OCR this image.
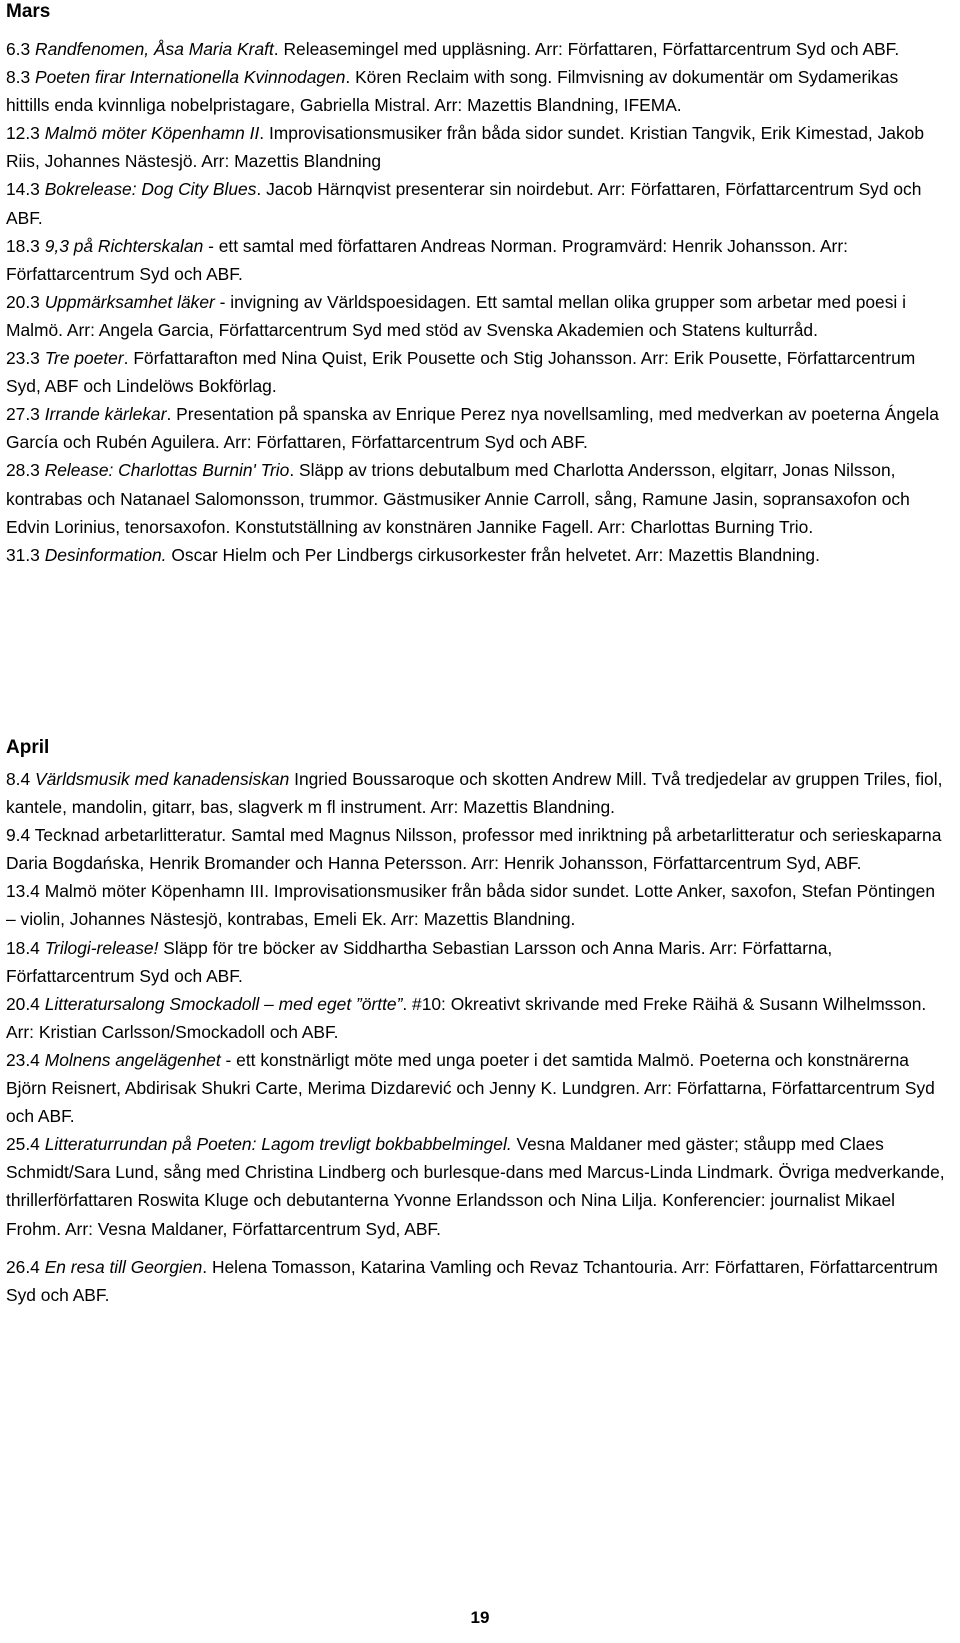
Mars

6.3 Randfenomen, Åsa Maria Kraft. Releasemingel med uppläsning. Arr: Författaren, Författarcentrum Syd och ABF.

8.3 Poeten firar Internationella Kvinnodagen. Kören Reclaim with song. Filmvisning av dokumentär om Sydamerikas hittills enda kvinnliga nobelpristagare, Gabriella Mistral. Arr: Mazettis Blandning, IFEMA.

12.3 Malmö möter Köpenhamn II. Improvisationsmusiker från båda sidor sundet. Kristian Tangvik, Erik Kimestad, Jakob Riis, Johannes Nästesjö. Arr: Mazettis Blandning

14.3 Bokrelease: Dog City Blues. Jacob Härnqvist presenterar sin noirdebut. Arr: Författaren, Författarcentrum Syd och ABF.

18.3 9,3 på Richterskalan - ett samtal med författaren Andreas Norman. Programvärd: Henrik Johansson. Arr: Författarcentrum Syd och ABF.

20.3 Uppmärksamhet läker - invigning av Världspoesidagen. Ett samtal mellan olika grupper som arbetar med poesi i Malmö. Arr: Angela Garcia, Författarcentrum Syd med stöd av Svenska Akademien och Statens kulturråd.

23.3 Tre poeter. Författarafton med Nina Quist, Erik Pousette och Stig Johansson. Arr: Erik Pousette, Författarcentrum Syd, ABF och Lindelöws Bokförlag.

27.3 Irrande kärlekar. Presentation på spanska av Enrique Perez nya novellsamling, med medverkan av poeterna Ángela García och Rubén Aguilera. Arr: Författaren, Författarcentrum Syd och ABF.

28.3 Release: Charlottas Burnin' Trio. Släpp av trions debutalbum med Charlotta Andersson, elgitarr, Jonas Nilsson, kontrabas och Natanael Salomonsson, trummor. Gästmusiker Annie Carroll, sång, Ramune Jasin, sopransaxofon och Edvin Lorinius, tenorsaxofon. Konstutställning av konstnären Jannike Fagell. Arr: Charlottas Burning Trio.

31.3 Desinformation. Oscar Hielm och Per Lindbergs cirkusorkester från helvetet. Arr: Mazettis Blandning.

April

8.4 Världsmusik med kanadensiskan Ingried Boussaroque och skotten Andrew Mill. Två tredjedelar av gruppen Triles, fiol, kantele, mandolin, gitarr, bas, slagverk m fl instrument. Arr: Mazettis Blandning.

9.4 Tecknad arbetarlitteratur. Samtal med Magnus Nilsson, professor med inriktning på arbetarlitteratur och serieskaparna Daria Bogdańska, Henrik Bromander och Hanna Petersson. Arr: Henrik Johansson, Författarcentrum Syd, ABF.

13.4 Malmö möter Köpenhamn III. Improvisationsmusiker från båda sidor sundet. Lotte Anker, saxofon, Stefan Pöntingen – violin, Johannes Nästesjö, kontrabas, Emeli Ek. Arr: Mazettis Blandning.

18.4 Trilogi-release! Släpp för tre böcker av Siddhartha Sebastian Larsson och Anna Maris. Arr: Författarna, Författarcentrum Syd och ABF.

20.4 Litteratursalong Smockadoll – med eget ”örtte”. #10: Okreativt skrivande med Freke Räihä & Susann Wilhelmsson. Arr: Kristian Carlsson/Smockadoll och ABF.

23.4 Molnens angelägenhet - ett konstnärligt möte med unga poeter i det samtida Malmö. Poeterna och konstnärerna Björn Reisnert, Abdirisak Shukri Carte, Merima Dizdarević och Jenny K. Lundgren. Arr: Författarna, Författarcentrum Syd och ABF.

25.4 Litteraturrundan på Poeten: Lagom trevligt bokbabbelmingel. Vesna Maldaner med gäster; ståupp med Claes Schmidt/Sara Lund, sång med Christina Lindberg och burlesque-dans med Marcus-Linda Lindmark. Övriga medverkande, thrillerförfattaren Roswita Kluge och debutanterna Yvonne Erlandsson och Nina Lilja. Konferencier: journalist Mikael Frohm. Arr: Vesna Maldaner, Författarcentrum Syd, ABF.

26.4 En resa till Georgien. Helena Tomasson, Katarina Vamling och Revaz Tchantouria. Arr: Författaren, Författarcentrum Syd och ABF.

19
